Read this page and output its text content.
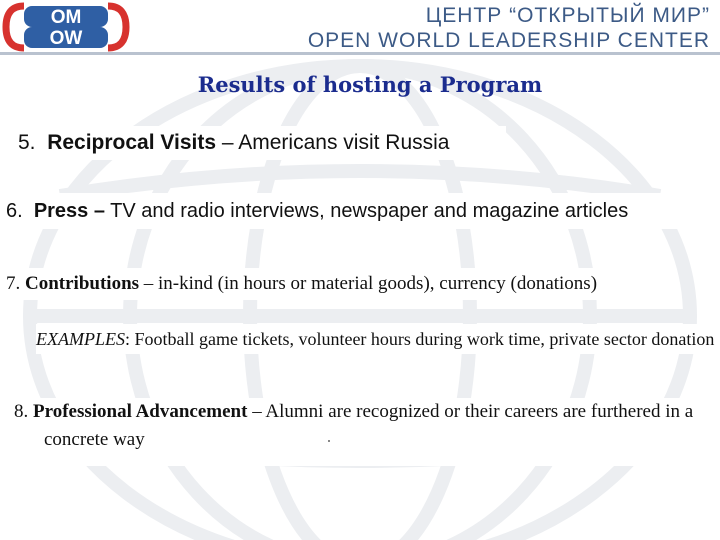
OM
OW
ЦЕНТР “ОТКРЫТЫЙ МИР”
OPEN WORLD LEADERSHIP CENTER
Results of hosting a Program
5. Reciprocal Visits – Americans visit Russia
6. Press – TV and radio interviews, newspaper and magazine articles
7. Contributions – in-kind (in hours or material goods), currency (donations)
EXAMPLES: Football game tickets, volunteer hours during work time, private sector donation
8. Professional Advancement – Alumni are recognized or their careers are furthered in a
concrete way
